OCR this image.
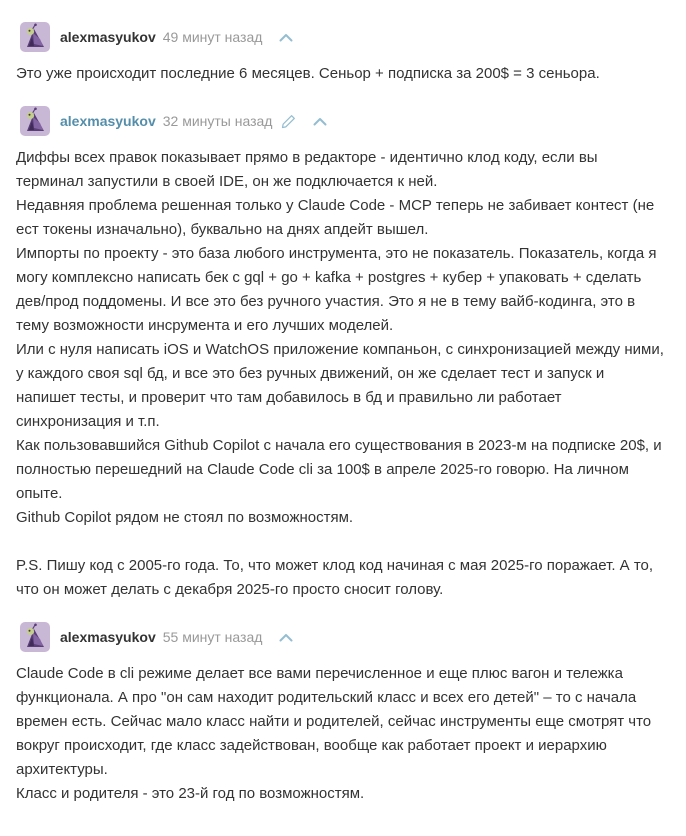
alexmasyukov 49 минут назад
Это уже происходит последние 6 месяцев. Сеньор + подписка за 200$ = 3 сеньора.
alexmasyukov 32 минуты назад
Диффы всех правок показывает прямо в редакторе - идентично клод коду, если вы терминал запустили в своей IDE, он же подключается к ней.
Недавняя проблема решенная только у Claude Code - MCP теперь не забивает контест (не ест токены изначально), буквально на днях апдейт вышел.
Импорты по проекту - это база любого инструмента, это не показатель. Показатель, когда я могу комплексно написать бек с gql + go + kafka + postgres + кубер + упаковать + сделать дев/прод поддомены. И все это без ручного участия. Это я не в тему вайб-кодинга, это в тему возможности инсрумента и его лучших моделей.
Или с нуля написать iOS и WatchOS приложение компаньон, с синхронизацией между ними, у каждого своя sql бд, и все это без ручных движений, он же сделает тест и запуск и напишет тесты, и проверит что там добавилось в бд и правильно ли работает синхронизация и т.п.
Как пользовавшийся Github Copilot с начала его существования в 2023-м на подписке 20$, и полностью перешедний на Claude Code cli за 100$ в апреле 2025-го говорю. На личном опыте.
Github Copilot рядом не стоял по возможностям.
P.S. Пишу код с 2005-го года. То, что может клод код начиная с мая 2025-го поражает. А то, что он может делать с декабря 2025-го просто сносит голову.
alexmasyukov 55 минут назад
Claude Code в cli режиме делает все вами перечисленное и еще плюс вагон и тележка функционала. А про "он сам находит родительский класс и всех его детей" – то с начала времен есть. Сейчас мало класс найти и родителей, сейчас инструменты еще смотрят что вокруг происходит, где класс задействован, вообще как работает проект и иерархию архитектуры.
Класс и родителя - это 23-й год по возможностям.
